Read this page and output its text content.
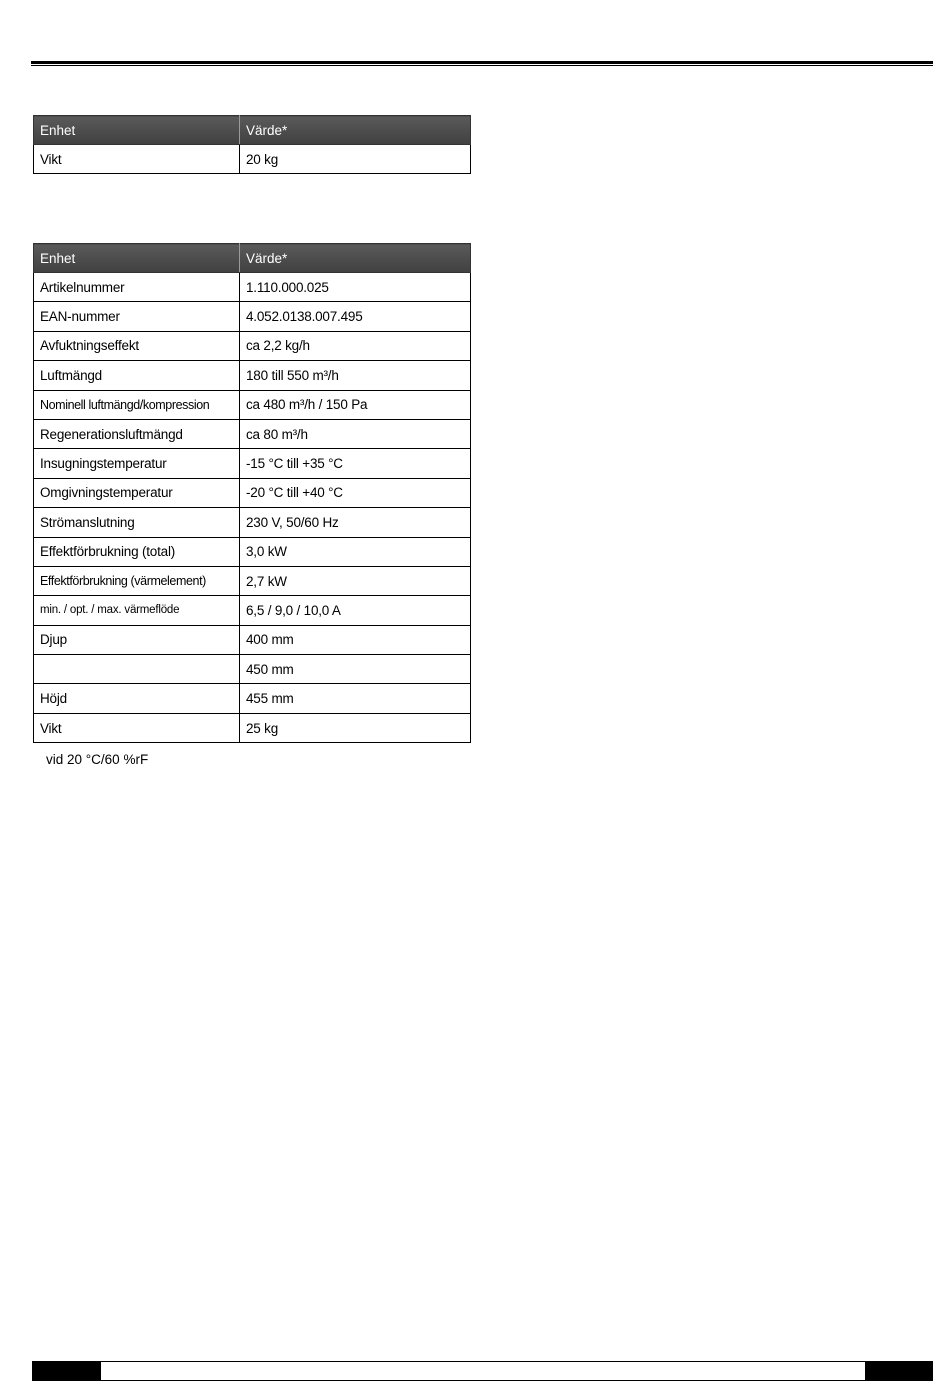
Enhet	Värde*
Vikt	20 kg
Enhet	Värde*
Artikelnummer	1.110.000.025
EAN-nummer	4.052.0138.007.495
Avfuktningseffekt	ca 2,2 kg/h
Luftmängd	180 till 550 m³/h
Nominell luftmängd/kompression	ca 480 m³/h / 150 Pa
Regenerationsluftmängd	ca 80 m³/h
Insugningstemperatur	-15 °C till +35 °C
Omgivningstemperatur	-20 °C till +40 °C
Strömanslutning	230 V, 50/60 Hz
Effektförbrukning (total)	3,0 kW
Effektförbrukning (värmelement)	2,7 kW
min. / opt. / max. värmeflöde	6,5 / 9,0 / 10,0 A
Djup	400 mm
	450 mm
Höjd	455 mm
Vikt	25 kg
vid 20 °C/60 %rF
